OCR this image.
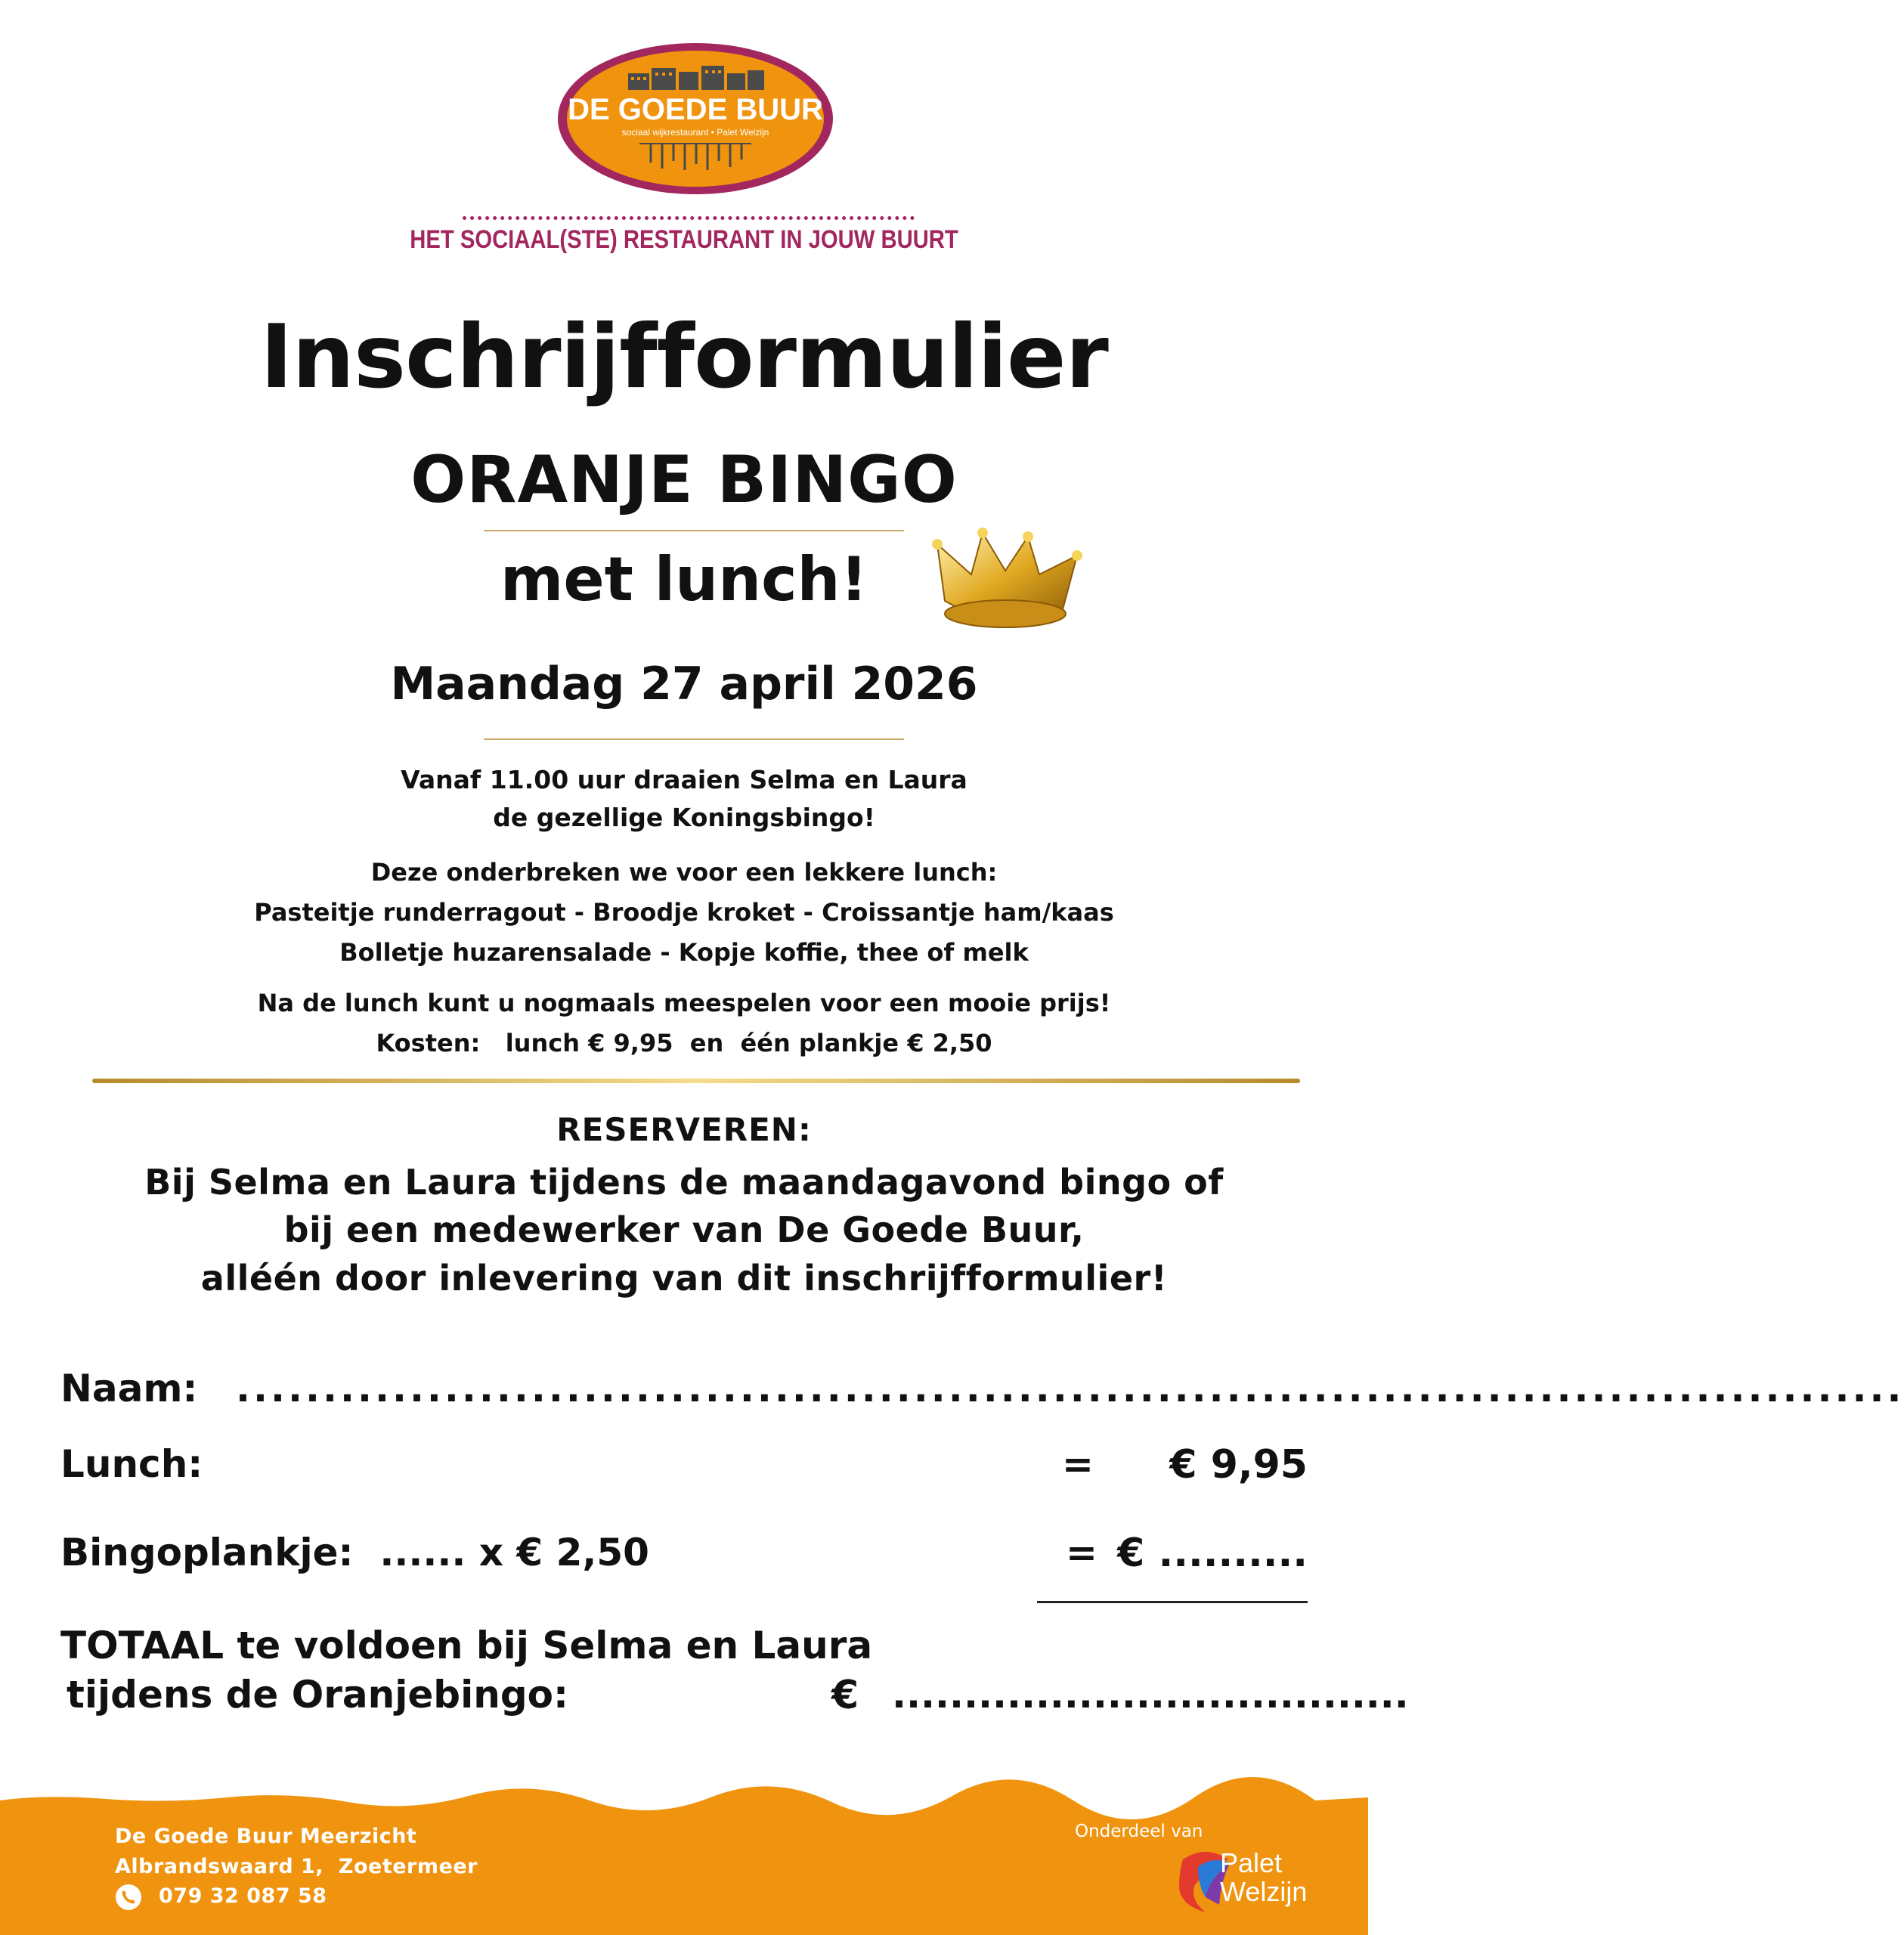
DE GOEDE BUUR
sociaal wijkrestaurant • Palet Welzijn
HET SOCIAAL(STE) RESTAURANT IN JOUW BUURT
Inschrijfformulier
ORANJE BINGO
met lunch!
Maandag 27 april 2026
Vanaf 11.00 uur draaien Selma en Laura
de gezellige Koningsbingo!
Deze onderbreken we voor een lekkere lunch:
Pasteitje runderragout - Broodje kroket - Croissantje ham/kaas
Bolletje huzarensalade - Kopje koffie, thee of melk
Na de lunch kunt u nogmaals meespelen voor een mooie prijs!
Kosten:   lunch € 9,95  en  één plankje € 2,50
RESERVEREN:
Bij Selma en Laura tijdens de maandagavond bingo of
bij een medewerker van De Goede Buur,
alléén door inlevering van dit inschrijfformulier!
Naam: ................................................................................................
Lunch:	= € 9,95
Bingoplankje:  ...... x € 2,50	= € ..........
TOTAAL te voldoen bij Selma en Laura
tijdens de Oranjebingo:	€ ....................................
De Goede Buur Meerzicht
Albrandswaard 1,  Zoetermeer
079 32 087 58
Onderdeel van
Palet
Welzijn
